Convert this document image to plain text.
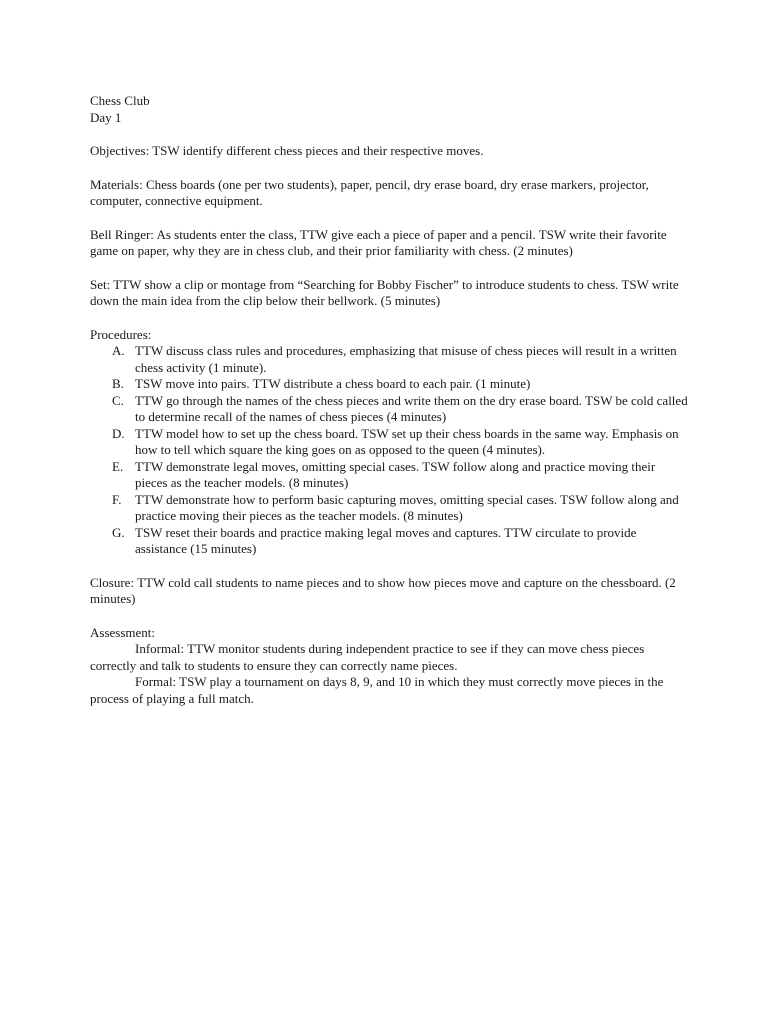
Chess Club
Day 1
Objectives: TSW identify different chess pieces and their respective moves.
Materials: Chess boards (one per two students), paper, pencil, dry erase board, dry erase markers, projector, computer, connective equipment.
Bell Ringer: As students enter the class, TTW give each a piece of paper and a pencil. TSW write their favorite game on paper, why they are in chess club, and their prior familiarity with chess. (2 minutes)
Set: TTW show a clip or montage from “Searching for Bobby Fischer” to introduce students to chess. TSW write down the main idea from the clip below their bellwork. (5 minutes)
Procedures:
A. TTW discuss class rules and procedures, emphasizing that misuse of chess pieces will result in a written chess activity (1 minute).
B. TSW move into pairs. TTW distribute a chess board to each pair. (1 minute)
C. TTW go through the names of the chess pieces and write them on the dry erase board. TSW be cold called to determine recall of the names of chess pieces (4 minutes)
D. TTW model how to set up the chess board. TSW set up their chess boards in the same way. Emphasis on how to tell which square the king goes on as opposed to the queen (4 minutes).
E. TTW demonstrate legal moves, omitting special cases. TSW follow along and practice moving their pieces as the teacher models. (8 minutes)
F. TTW demonstrate how to perform basic capturing moves, omitting special cases. TSW follow along and practice moving their pieces as the teacher models. (8 minutes)
G. TSW reset their boards and practice making legal moves and captures. TTW circulate to provide assistance (15 minutes)
Closure: TTW cold call students to name pieces and to show how pieces move and capture on the chessboard. (2 minutes)
Assessment:
Informal: TTW monitor students during independent practice to see if they can move chess pieces correctly and talk to students to ensure they can correctly name pieces.
Formal: TSW play a tournament on days 8, 9, and 10 in which they must correctly move pieces in the process of playing a full match.
